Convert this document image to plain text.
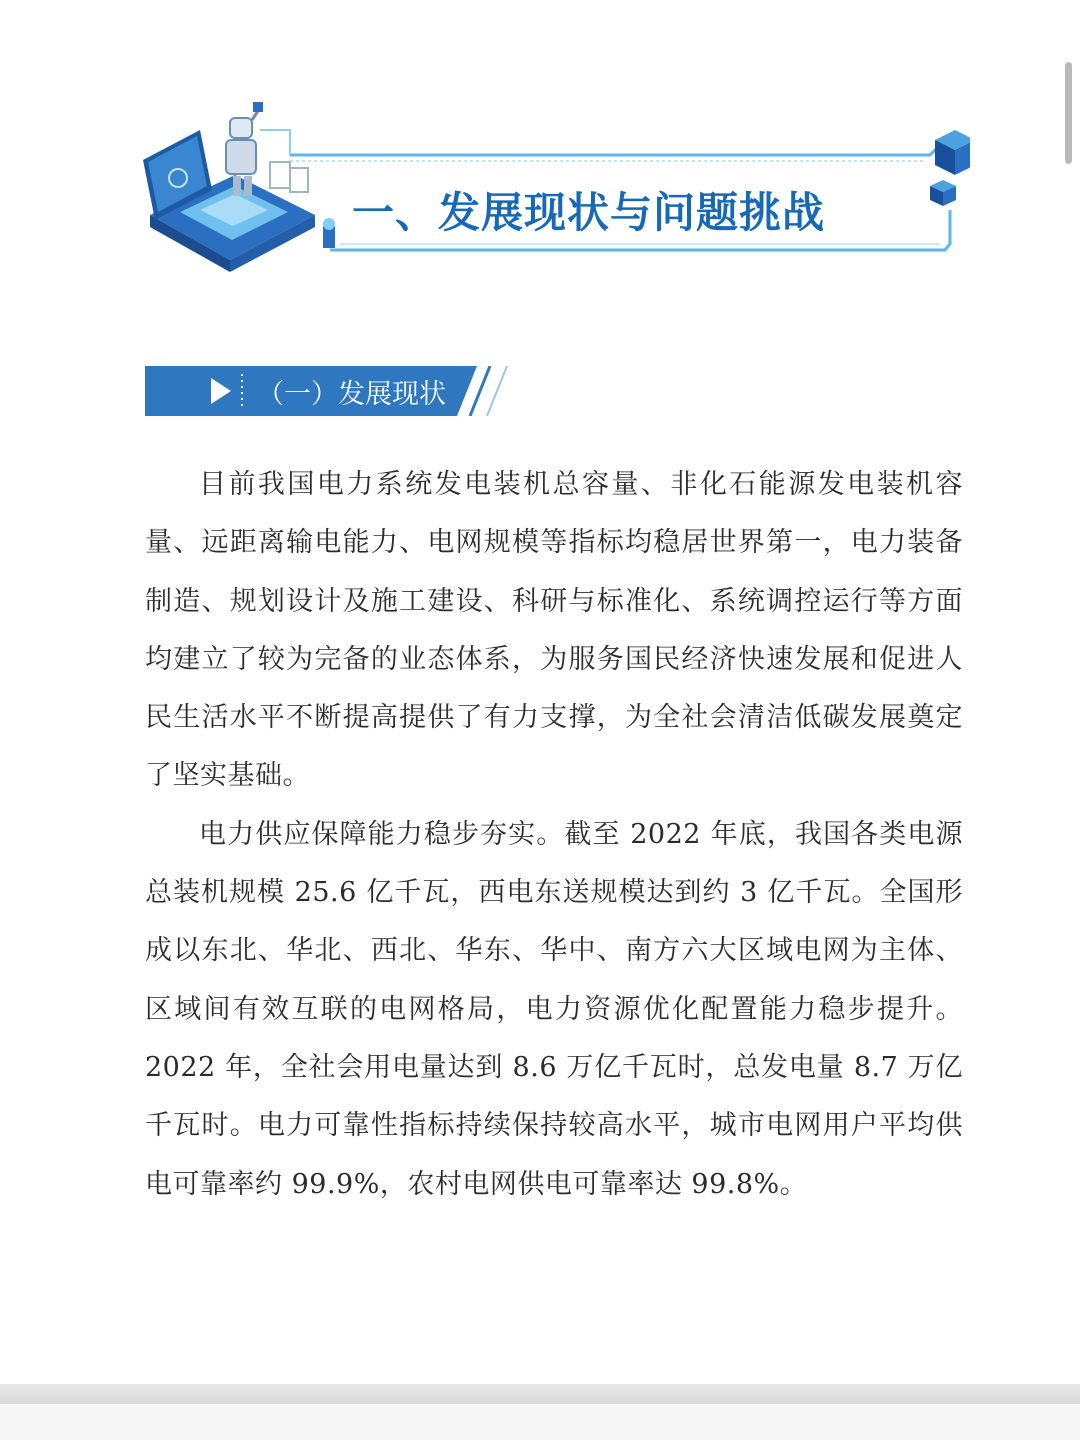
一、发展现状与问题挑战
（一）发展现状

目前我国电力系统发电装机总容量、非化石能源发电装机容量、远距离输电能力、电网规模等指标均稳居世界第一，电力装备制造、规划设计及施工建设、科研与标准化、系统调控运行等方面均建立了较为完备的业态体系，为服务国民经济快速发展和促进人民生活水平不断提高提供了有力支撑，为全社会清洁低碳发展奠定了坚实基础。

电力供应保障能力稳步夯实。截至 2022 年底，我国各类电源总装机规模 25.6 亿千瓦，西电东送规模达到约 3 亿千瓦。全国形成以东北、华北、西北、华东、华中、南方六大区域电网为主体、区域间有效互联的电网格局，电力资源优化配置能力稳步提升。2022 年，全社会用电量达到 8.6 万亿千瓦时，总发电量 8.7 万亿千瓦时。电力可靠性指标持续保持较高水平，城市电网用户平均供电可靠率约 99.9%，农村电网供电可靠率达 99.8%。
